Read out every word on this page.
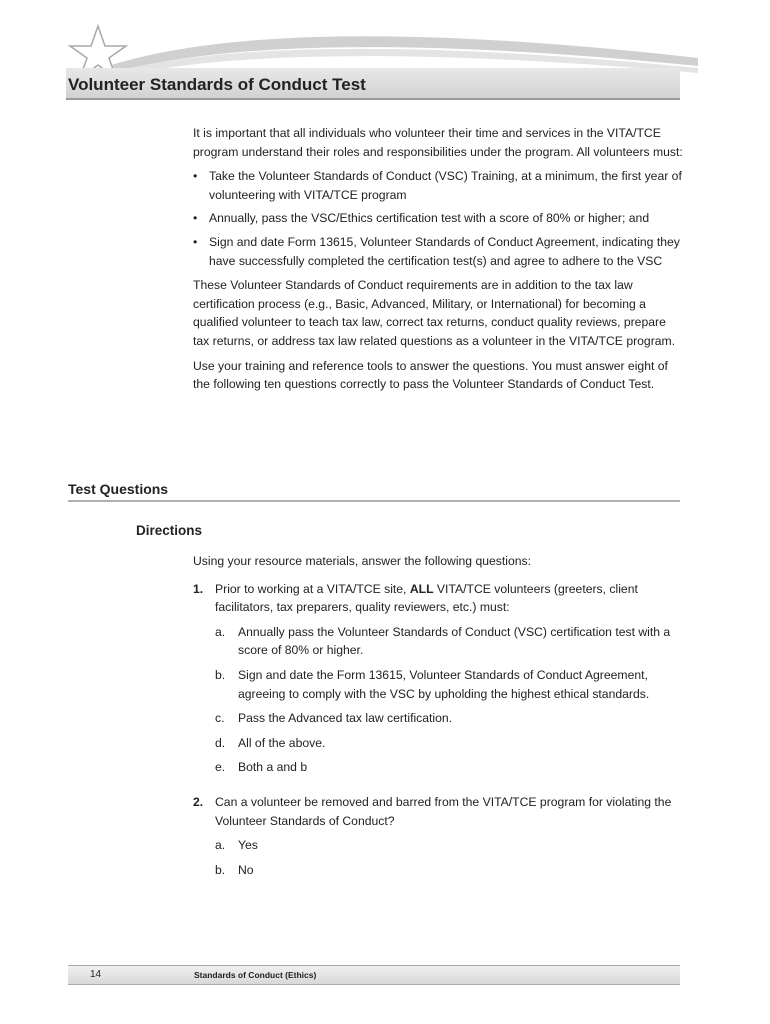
Volunteer Standards of Conduct Test

It is important that all individuals who volunteer their time and services in the VITA/TCE program understand their roles and responsibilities under the program. All volunteers must:

• Take the Volunteer Standards of Conduct (VSC) Training, at a minimum, the first year of volunteering with VITA/TCE program
• Annually, pass the VSC/Ethics certification test with a score of 80% or higher; and
• Sign and date Form 13615, Volunteer Standards of Conduct Agreement, indicating they have successfully completed the certification test(s) and agree to adhere to the VSC

These Volunteer Standards of Conduct requirements are in addition to the tax law certification process (e.g., Basic, Advanced, Military, or International) for becoming a qualified volunteer to teach tax law, correct tax returns, conduct quality reviews, prepare tax returns, or address tax law related questions as a volunteer in the VITA/TCE program.

Use your training and reference tools to answer the questions. You must answer eight of the following ten questions correctly to pass the Volunteer Standards of Conduct Test.

Test Questions
Directions

Using your resource materials, answer the following questions:

1. Prior to working at a VITA/TCE site, ALL VITA/TCE volunteers (greeters, client facilitators, tax preparers, quality reviewers, etc.) must:
a. Annually pass the Volunteer Standards of Conduct (VSC) certification test with a score of 80% or higher.
b. Sign and date the Form 13615, Volunteer Standards of Conduct Agreement, agreeing to comply with the VSC by upholding the highest ethical standards.
c. Pass the Advanced tax law certification.
d. All of the above.
e. Both a and b
2. Can a volunteer be removed and barred from the VITA/TCE program for violating the Volunteer Standards of Conduct?
a. Yes
b. No
14	Standards of Conduct (Ethics)
